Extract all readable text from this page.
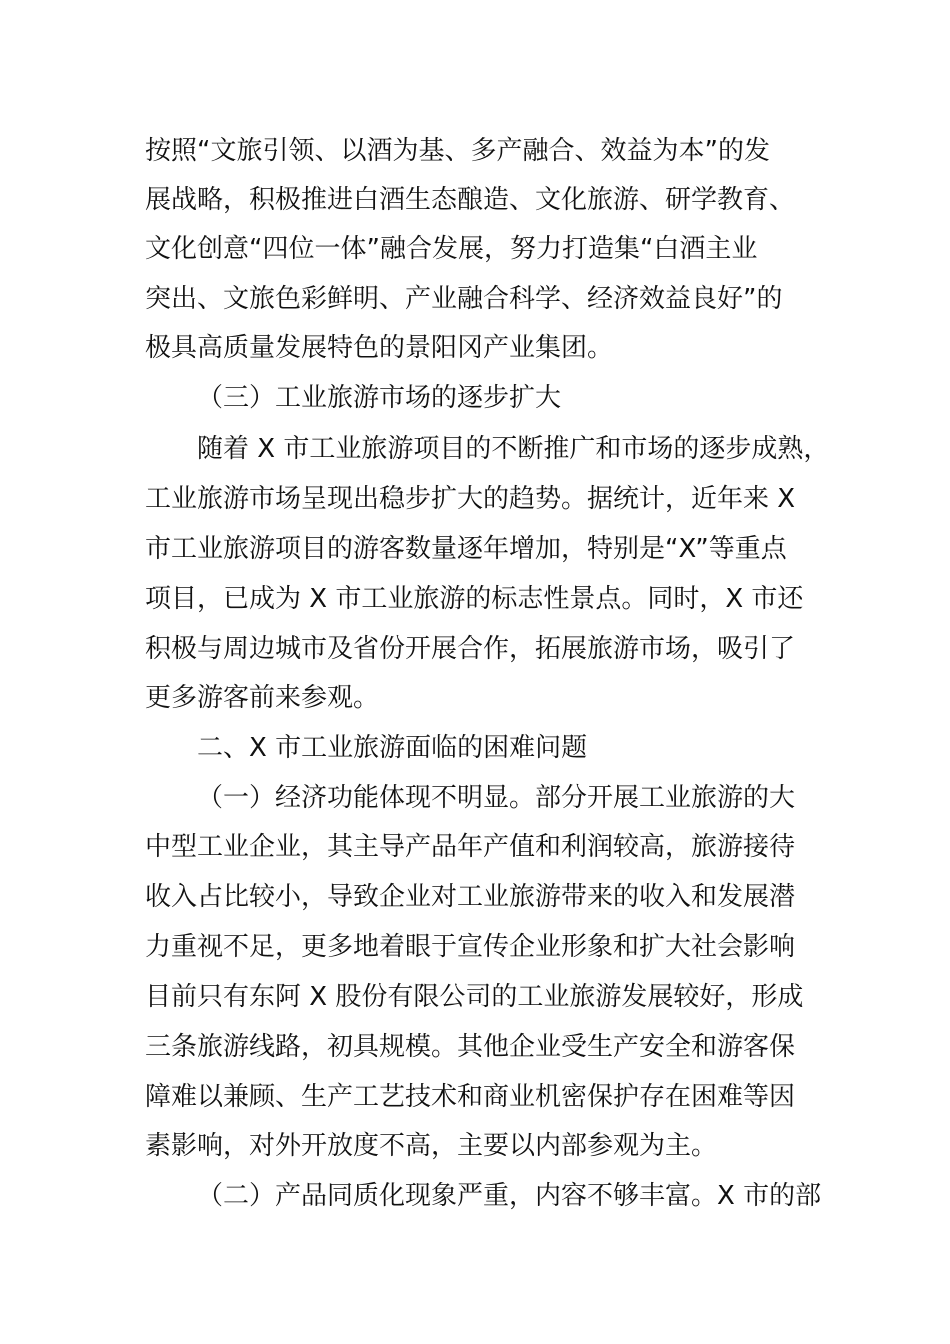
按照“文旅引领、以酒为基、多产融合、效益为本”的发
展战略，积极推进白酒生态酿造、文化旅游、研学教育、
文化创意“四位一体”融合发展，努力打造集“白酒主业
突出、文旅色彩鲜明、产业融合科学、经济效益良好”的
极具高质量发展特色的景阳冈产业集团。
（三）工业旅游市场的逐步扩大
随着 X 市工业旅游项目的不断推广和市场的逐步成熟，
工业旅游市场呈现出稳步扩大的趋势。据统计，近年来 X
市工业旅游项目的游客数量逐年增加，特别是“X”等重点
项目，已成为 X 市工业旅游的标志性景点。同时，X 市还
积极与周边城市及省份开展合作，拓展旅游市场，吸引了
更多游客前来参观。
二、X 市工业旅游面临的困难问题
（一）经济功能体现不明显。部分开展工业旅游的大
中型工业企业，其主导产品年产值和利润较高，旅游接待
收入占比较小，导致企业对工业旅游带来的收入和发展潜
力重视不足，更多地着眼于宣传企业形象和扩大社会影响
目前只有东阿 X 股份有限公司的工业旅游发展较好，形成
三条旅游线路，初具规模。其他企业受生产安全和游客保
障难以兼顾、生产工艺技术和商业机密保护存在困难等因
素影响，对外开放度不高，主要以内部参观为主。
（二）产品同质化现象严重，内容不够丰富。X 市的部
